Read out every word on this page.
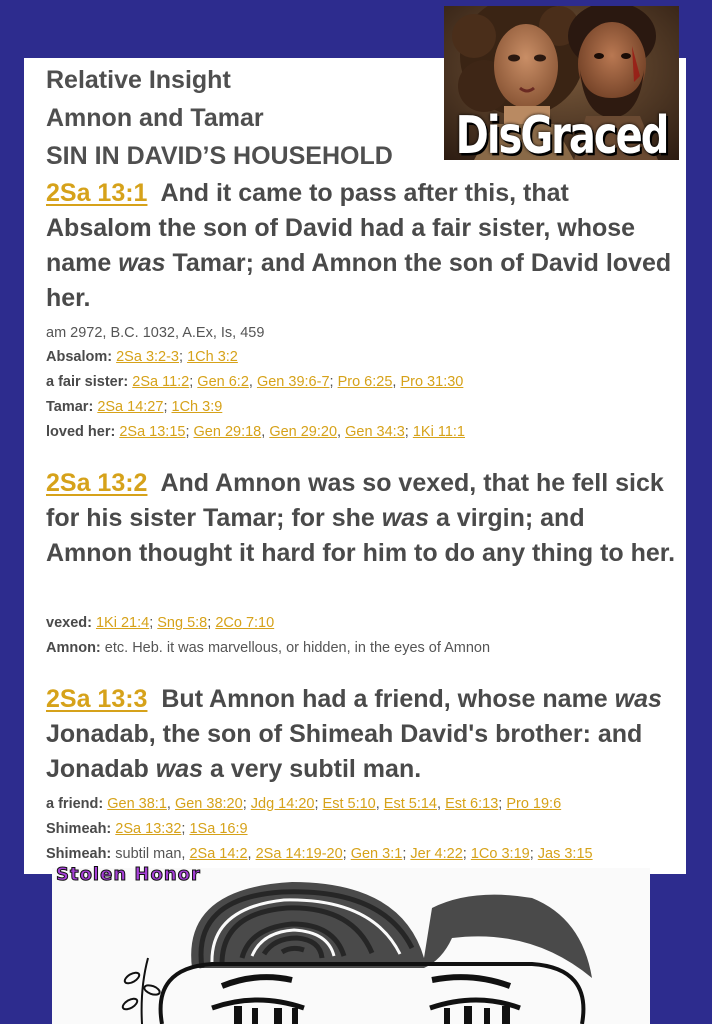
Relative Insight
Amnon and Tamar
SIN IN DAVID’S HOUSEHOLD

2Sa 13:1 And it came to pass after this, that Absalom the son of David had a fair sister, whose name was Tamar; and Amnon the son of David loved her.

am 2972, B.C. 1032, A.Ex, Is, 459
Absalom: 2Sa 3:2-3; 1Ch 3:2
a fair sister: 2Sa 11:2; Gen 6:2, Gen 39:6-7; Pro 6:25, Pro 31:30
Tamar: 2Sa 14:27; 1Ch 3:9
loved her: 2Sa 13:15; Gen 29:18, Gen 29:20, Gen 34:3; 1Ki 11:1

2Sa 13:2 And Amnon was so vexed, that he fell sick for his sister Tamar; for she was a virgin; and Amnon thought it hard for him to do any thing to her.

vexed: 1Ki 21:4; Sng 5:8; 2Co 7:10
Amnon: etc. Heb. it was marvellous, or hidden, in the eyes of Amnon

2Sa 13:3 But Amnon had a friend, whose name was Jonadab, the son of Shimeah David's brother: and Jonadab was a very subtil man.

a friend: Gen 38:1, Gen 38:20; Jdg 14:20; Est 5:10, Est 5:14, Est 6:13; Pro 19:6
Shimeah: 2Sa 13:32; 1Sa 16:9
Shimeah: subtil man, 2Sa 14:2, 2Sa 14:19-20; Gen 3:1; Jer 4:22; 1Co 3:19; Jas 3:15
DisGraced
Stolen Honor
